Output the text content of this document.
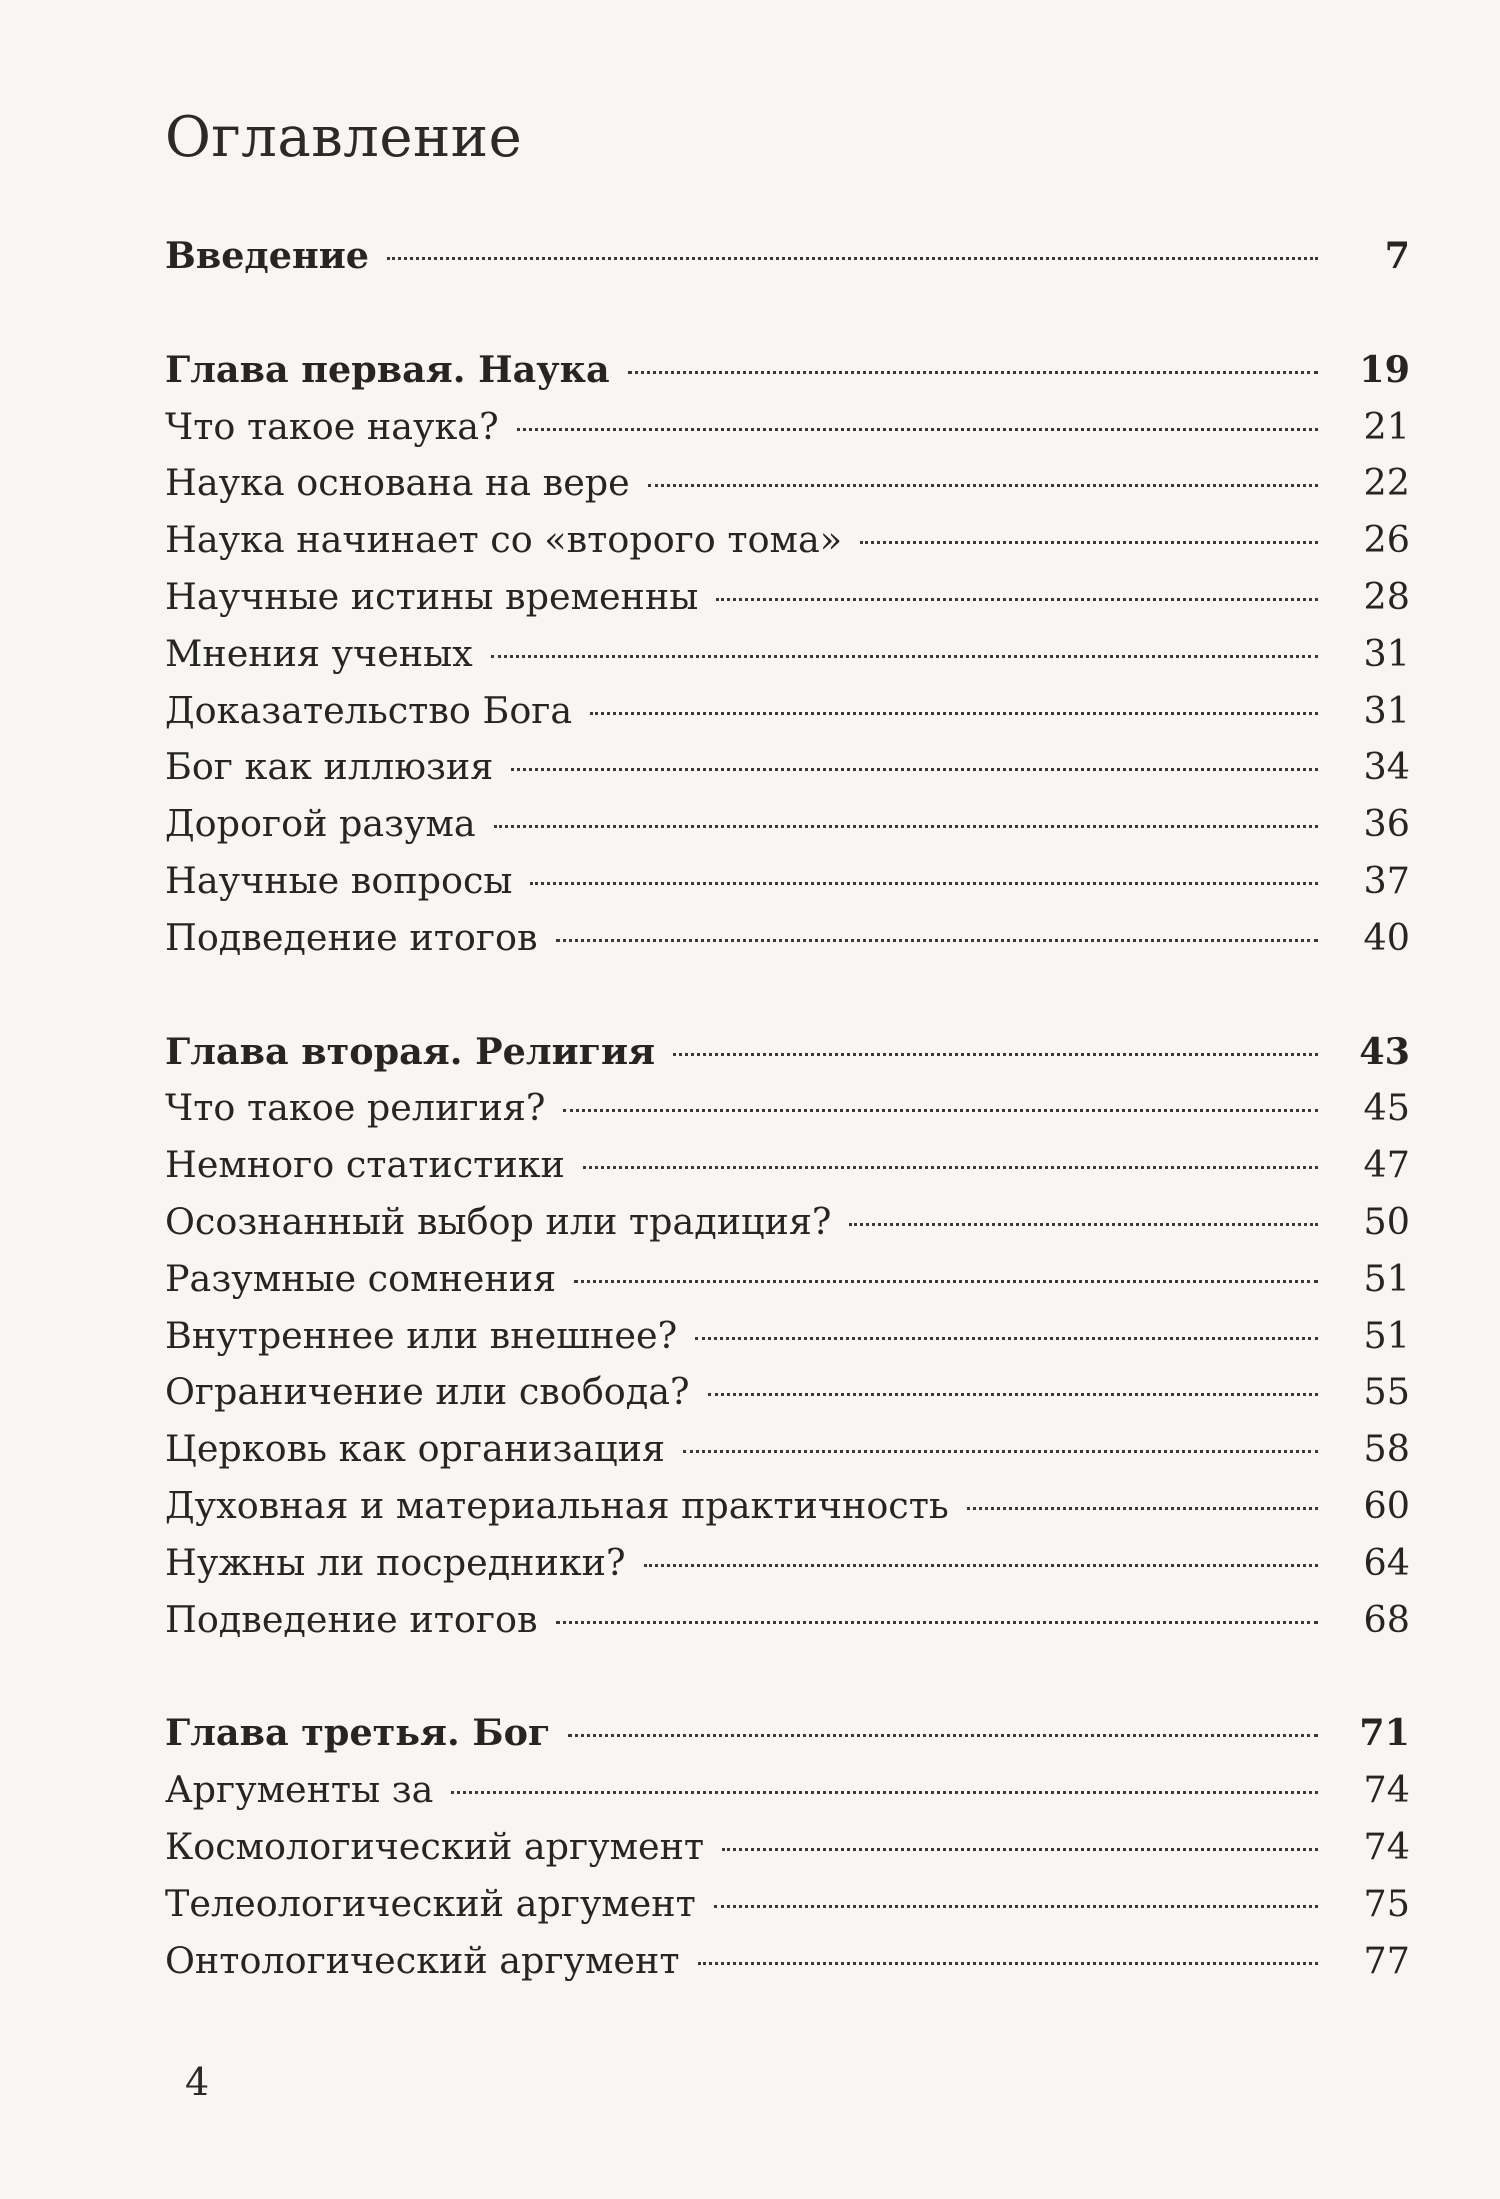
Оглавление
Введение	7
Глава первая. Наука	19
Что такое наука?	21
Наука основана на вере	22
Наука начинает со «второго тома»	26
Научные истины временны	28
Мнения ученых	31
Доказательство Бога	31
Бог как иллюзия	34
Дорогой разума	36
Научные вопросы	37
Подведение итогов	40
Глава вторая. Религия	43
Что такое религия?	45
Немного статистики	47
Осознанный выбор или традиция?	50
Разумные сомнения	51
Внутреннее или внешнее?	51
Ограничение или свобода?	55
Церковь как организация	58
Духовная и материальная практичность	60
Нужны ли посредники?	64
Подведение итогов	68
Глава третья. Бог	71
Аргументы за	74
Космологический аргумент	74
Телеологический аргумент	75
Онтологический аргумент	77
4
